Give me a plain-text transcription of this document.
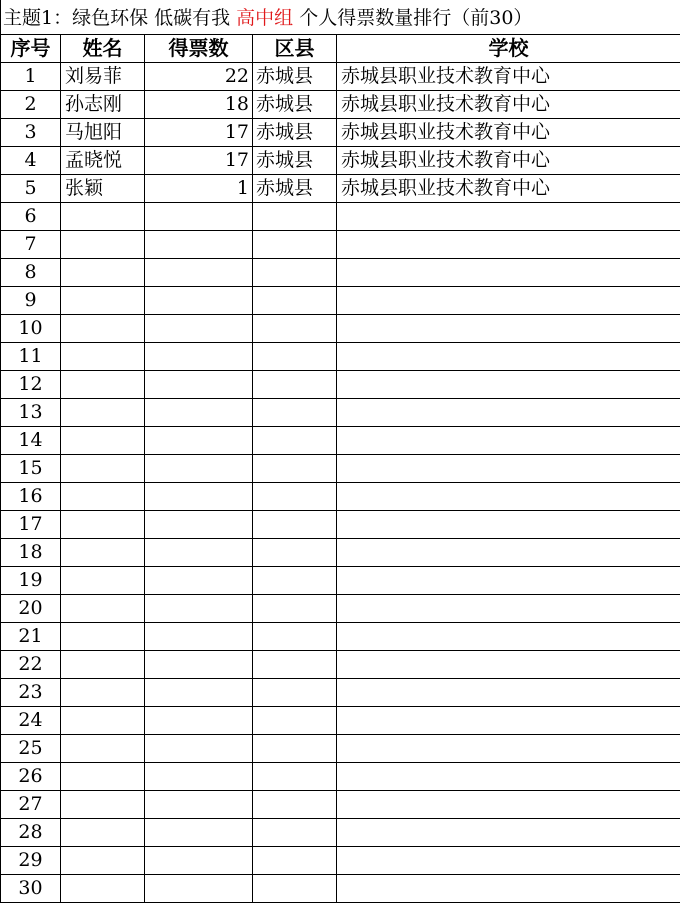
主题1：绿色环保 低碳有我 高中组 个人得票数量排行（前30）
序号	姓名	得票数	区县	学校
1	刘易菲	22	赤城县	赤城县职业技术教育中心
2	孙志刚	18	赤城县	赤城县职业技术教育中心
3	马旭阳	17	赤城县	赤城县职业技术教育中心
4	孟晓悦	17	赤城县	赤城县职业技术教育中心
5	张颖	1	赤城县	赤城县职业技术教育中心
6				
7				
8				
9				
10				
11				
12				
13				
14				
15				
16				
17				
18				
19				
20				
21				
22				
23				
24				
25				
26				
27				
28				
29				
30				
